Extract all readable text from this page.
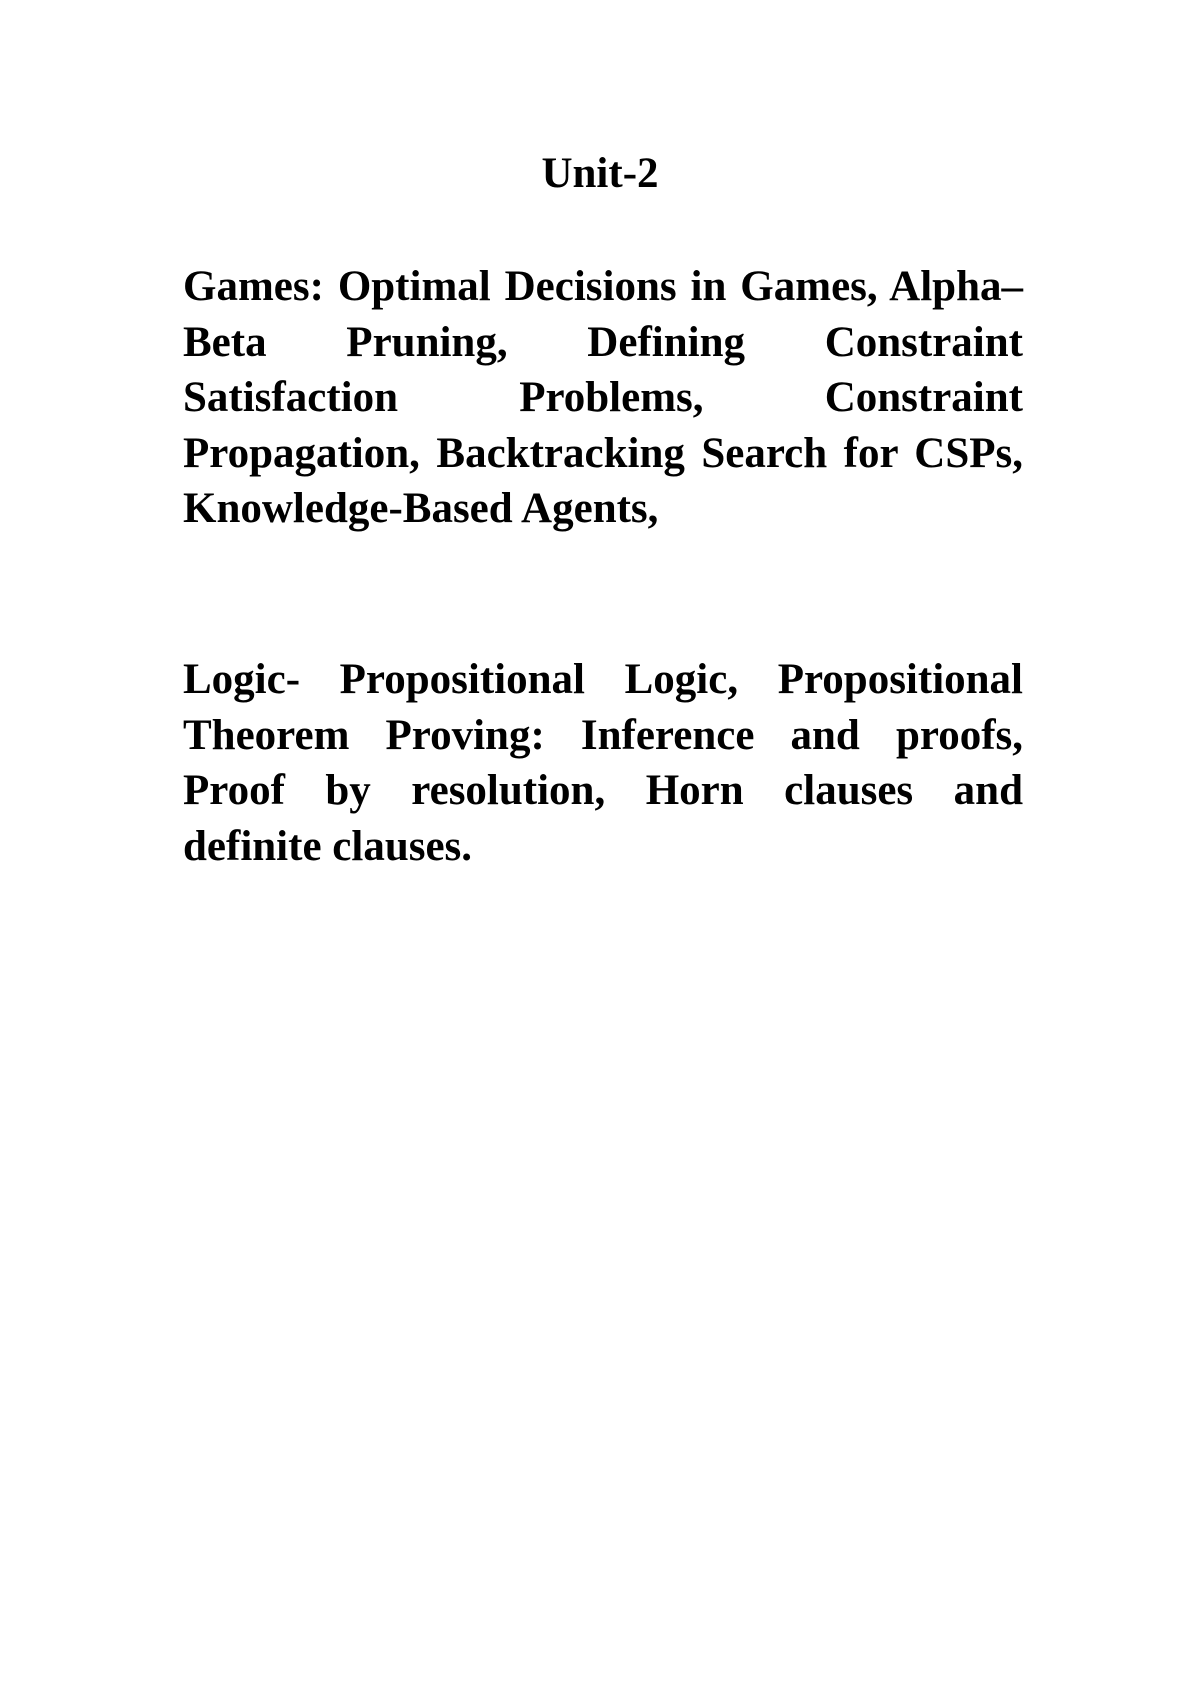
Unit-2

Games: Optimal Decisions in Games, Alpha–Beta Pruning, Defining Constraint Satisfaction Problems, Constraint Propagation, Backtracking Search for CSPs, Knowledge-Based Agents,

Logic- Propositional Logic, Propositional Theorem Proving: Inference and proofs, Proof by resolution, Horn clauses and definite clauses.
